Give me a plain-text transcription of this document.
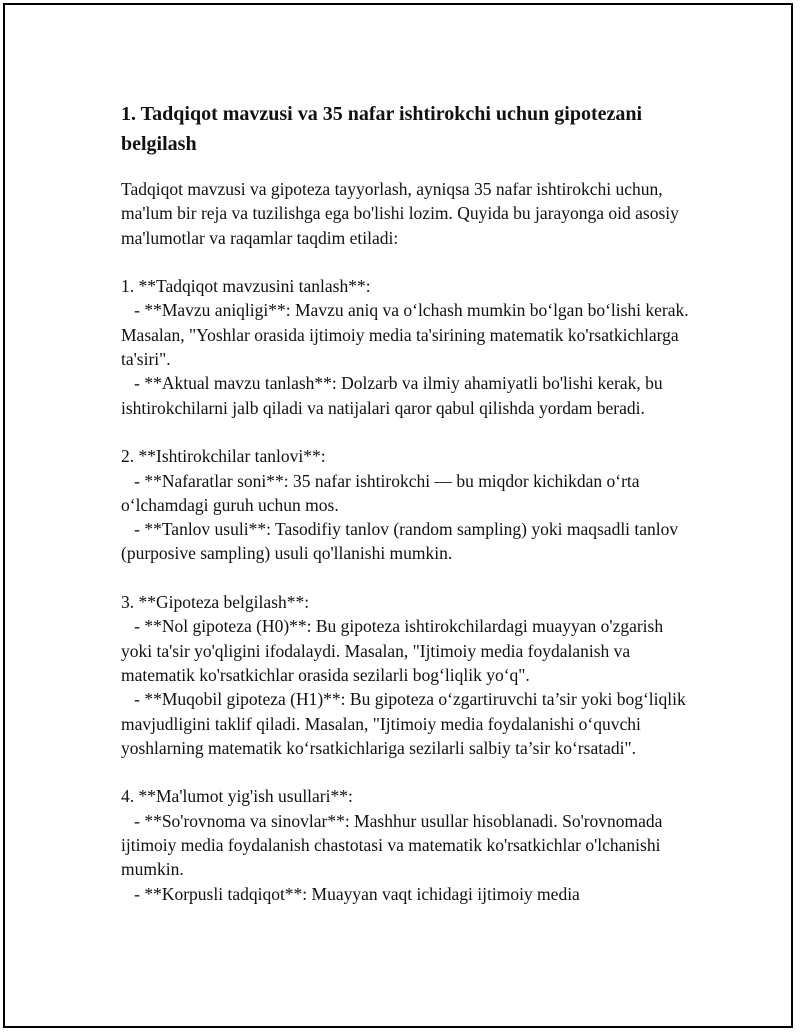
1. Tadqiqot mavzusi va 35 nafar ishtirokchi uchun gipotezani belgilash

Tadqiqot mavzusi va gipoteza tayyorlash, ayniqsa 35 nafar ishtirokchi uchun, ma'lum bir reja va tuzilishga ega bo'lishi lozim. Quyida bu jarayonga oid asosiy ma'lumotlar va raqamlar taqdim etiladi:

1. **Tadqiqot mavzusini tanlash**:
- **Mavzu aniqligi**: Mavzu aniq va o‘lchash mumkin bo‘lgan bo‘lishi kerak. Masalan, "Yoshlar orasida ijtimoiy media ta'sirining matematik ko'rsatkichlarga ta'siri".
- **Aktual mavzu tanlash**: Dolzarb va ilmiy ahamiyatli bo'lishi kerak, bu ishtirokchilarni jalb qiladi va natijalari qaror qabul qilishda yordam beradi.

2. **Ishtirokchilar tanlovi**:
- **Nafaratlar soni**: 35 nafar ishtirokchi — bu miqdor kichikdan o‘rta o‘lchamdagi guruh uchun mos.
- **Tanlov usuli**: Tasodifiy tanlov (random sampling) yoki maqsadli tanlov (purposive sampling) usuli qo'llanishi mumkin.

3. **Gipoteza belgilash**:
- **Nol gipoteza (H0)**: Bu gipoteza ishtirokchilardagi muayyan o'zgarish yoki ta'sir yo'qligini ifodalaydi. Masalan, "Ijtimoiy media foydalanish va matematik ko'rsatkichlar orasida sezilarli bog‘liqlik yo‘q".
- **Muqobil gipoteza (H1)**: Bu gipoteza o‘zgartiruvchi ta’sir yoki bog‘liqlik mavjudligini taklif qiladi. Masalan, "Ijtimoiy media foydalanishi o‘quvchi yoshlarning matematik ko‘rsatkichlariga sezilarli salbiy ta’sir ko‘rsatadi".

4. **Ma'lumot yig'ish usullari**:
- **So'rovnoma va sinovlar**: Mashhur usullar hisoblanadi. So'rovnomada ijtimoiy media foydalanish chastotasi va matematik ko'rsatkichlar o'lchanishi mumkin.
- **Korpusli tadqiqot**: Muayyan vaqt ichidagi ijtimoiy media
